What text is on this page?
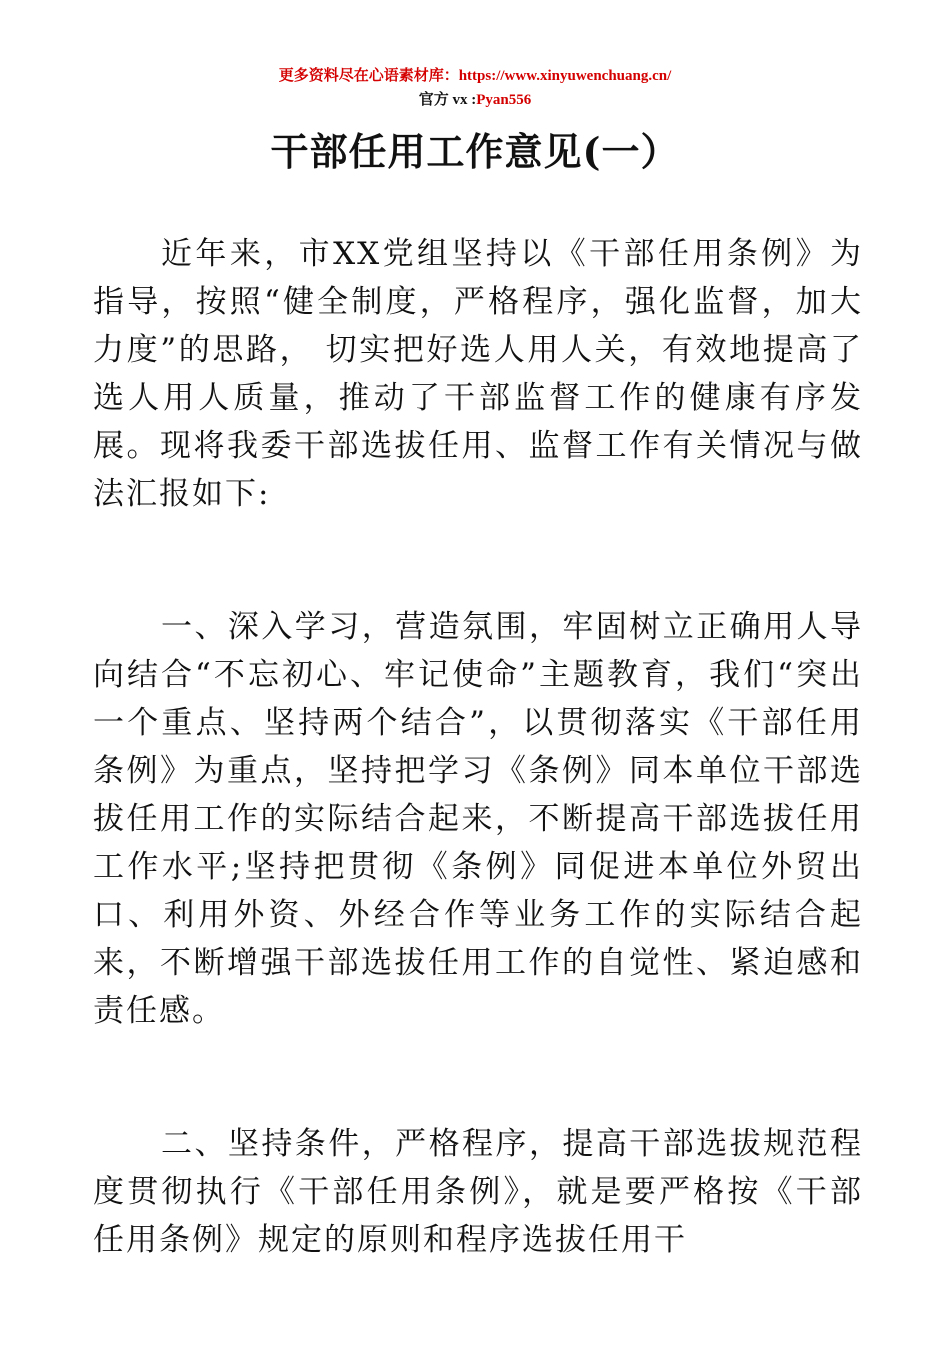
更多资料尽在心语素材库：https://www.xinyuwenchuang.cn/
官方 vx :Pyan556
干部任用工作意见(一）

近年来，市XX党组坚持以《干部任用条例》为指导，按照“健全制度，严格程序，强化监督，加大力度”的思路， 切实把好选人用人关，有效地提高了选人用人质量，推动了干部监督工作的健康有序发展。现将我委干部选拔任用、监督工作有关情况与做法汇报如下:

一、深入学习，营造氛围，牢固树立正确用人导向结合“不忘初心、牢记使命”主题教育，我们“突出一个重点、坚持两个结合”，以贯彻落实《干部任用条例》为重点，坚持把学习《条例》同本单位干部选拔任用工作的实际结合起来，不断提高干部选拔任用工作水平;坚持把贯彻《条例》同促进本单位外贸出口、利用外资、外经合作等业务工作的实际结合起来，不断增强干部选拔任用工作的自觉性、紧迫感和责任感。

二、坚持条件，严格程序，提高干部选拔规范程度贯彻执行《干部任用条例》，就是要严格按《干部任用条例》规定的原则和程序选拔任用干
